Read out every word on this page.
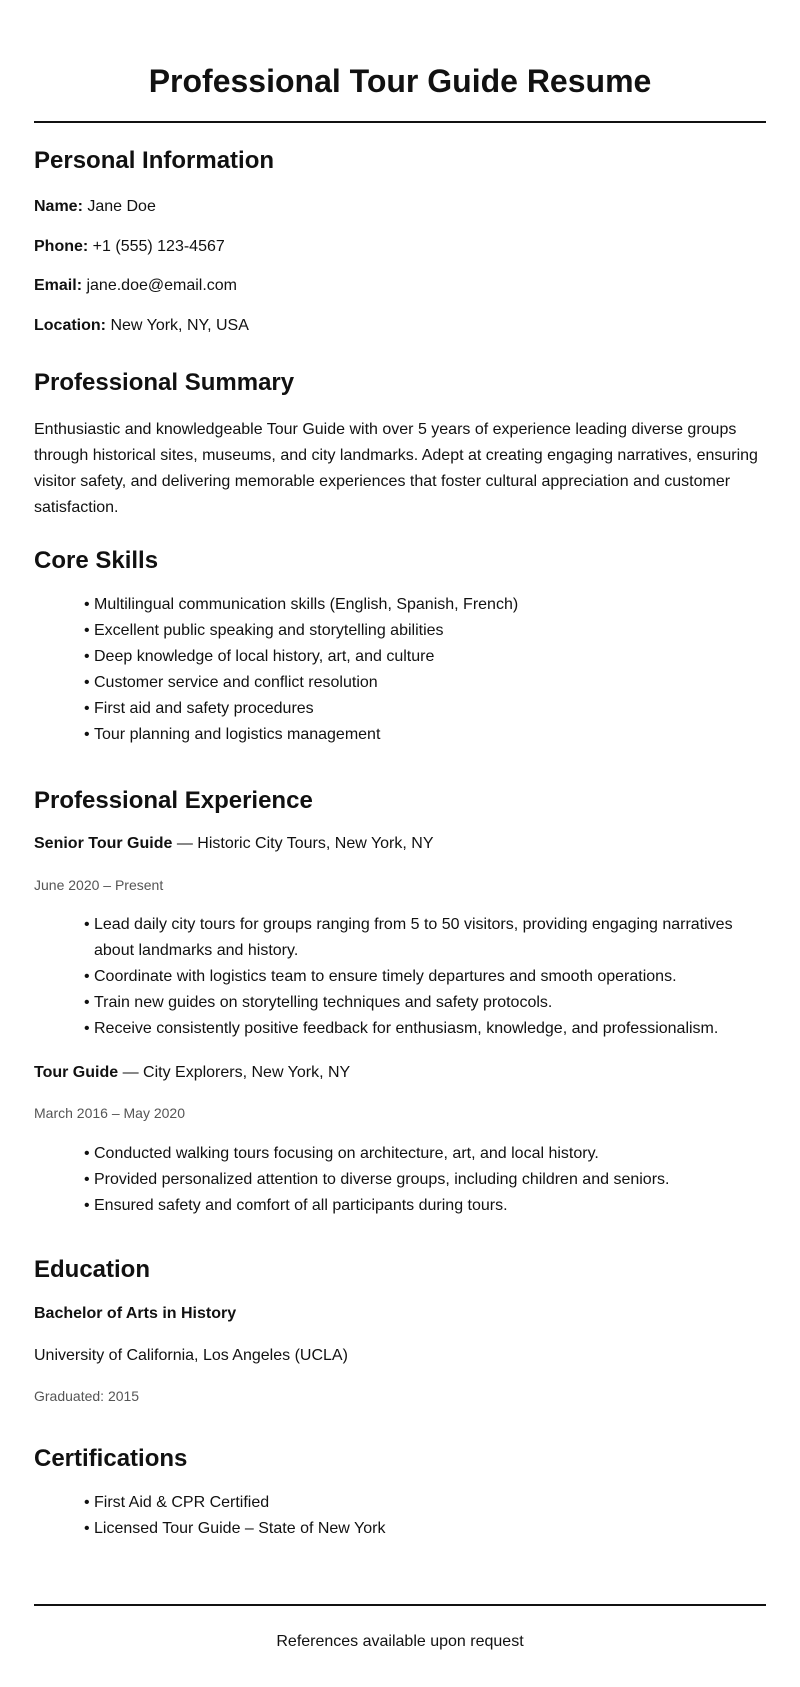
Professional Tour Guide Resume
Personal Information

Name: Jane Doe

Phone: +1 (555) 123-4567

Email: jane.doe@email.com

Location: New York, NY, USA

Professional Summary

Enthusiastic and knowledgeable Tour Guide with over 5 years of experience leading diverse groups through historical sites, museums, and city landmarks. Adept at creating engaging narratives, ensuring visitor safety, and delivering memorable experiences that foster cultural appreciation and customer satisfaction.

Core Skills
• Multilingual communication skills (English, Spanish, French)
• Excellent public speaking and storytelling abilities
• Deep knowledge of local history, art, and culture
• Customer service and conflict resolution
• First aid and safety procedures
• Tour planning and logistics management
Professional Experience

Senior Tour Guide — Historic City Tours, New York, NY

June 2020 – Present

• Lead daily city tours for groups ranging from 5 to 50 visitors, providing engaging narratives about landmarks and history.
• Coordinate with logistics team to ensure timely departures and smooth operations.
• Train new guides on storytelling techniques and safety protocols.
• Receive consistently positive feedback for enthusiasm, knowledge, and professionalism.

Tour Guide — City Explorers, New York, NY

March 2016 – May 2020

• Conducted walking tours focusing on architecture, art, and local history.
• Provided personalized attention to diverse groups, including children and seniors.
• Ensured safety and comfort of all participants during tours.
Education

Bachelor of Arts in History

University of California, Los Angeles (UCLA)

Graduated: 2015

Certifications
• First Aid & CPR Certified
• Licensed Tour Guide – State of New York

References available upon request
